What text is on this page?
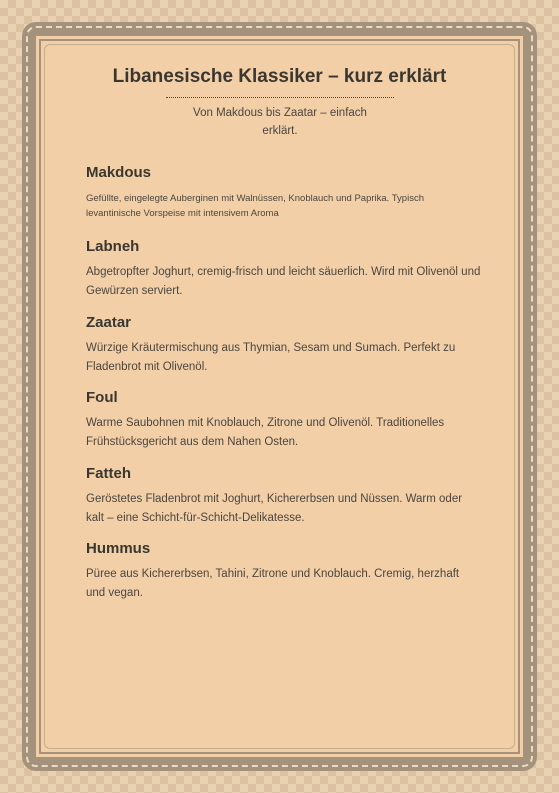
Libanesische Klassiker – kurz erklärt

Von Makdous bis Zaatar – einfach erklärt.

Makdous

Gefüllte, eingelegte Auberginen mit Walnüssen, Knoblauch und Paprika. Typisch levantinische Vorspeise mit intensivem Aroma

Labneh

Abgetropfter Joghurt, cremig-frisch und leicht säuerlich. Wird mit Olivenöl und Gewürzen serviert.

Zaatar

Würzige Kräutermischung aus Thymian, Sesam und Sumach. Perfekt zu Fladenbrot mit Olivenöl.

Foul

Warme Saubohnen mit Knoblauch, Zitrone und Olivenöl. Traditionelles Frühstücksgericht aus dem Nahen Osten.

Fatteh

Geröstetes Fladenbrot mit Joghurt, Kichererbsen und Nüssen. Warm oder kalt – eine Schicht-für-Schicht-Delikatesse.

Hummus

Püree aus Kichererbsen, Tahini, Zitrone und Knoblauch. Cremig, herzhaft und vegan.
